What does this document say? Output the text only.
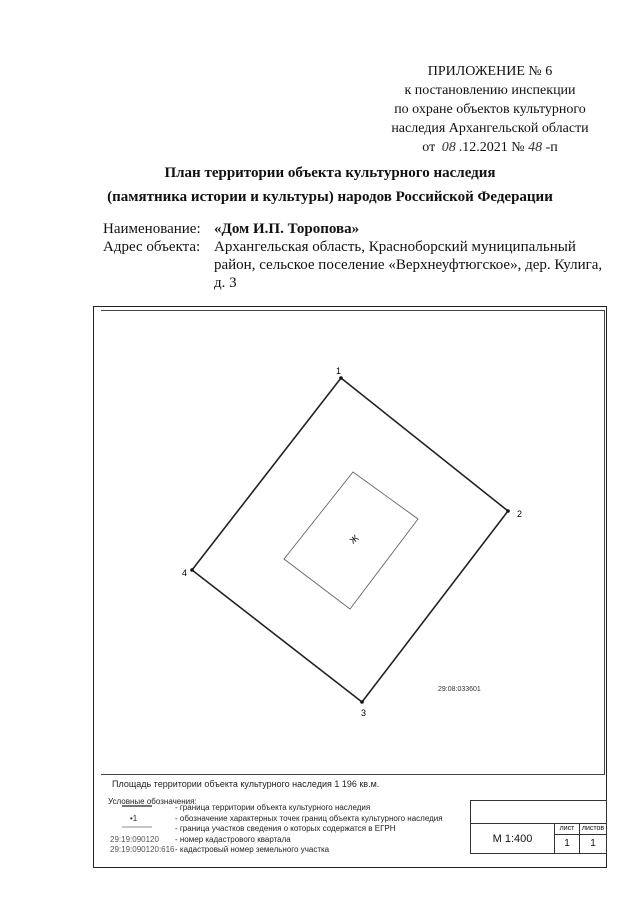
ПРИЛОЖЕНИЕ № 6
к постановлению инспекции
по охране объектов культурного
наследия Архангельской области
от 08 .12.2021 № 48 -п
План территории объекта культурного наследия
(памятника истории и культуры) народов Российской Федерации
Наименование: «Дом И.П. Торопова»
Адрес объекта: Архангельская область, Красноборский муниципальный
район, сельское поселение «Верхнеуфтюгское», дер. Кулига,
д. 3
1
2
3
4
Ж
29:08:033601
Площадь территории объекта культурного наследия 1 196 кв.м.
Условные обозначения:
- граница территории объекта культурного наследия
•1	- обозначение характерных точек границ объекта культурного наследия
- граница участков сведения о которых содержатся в ЕГРН
29:19:090120 - номер кадастрового квартала
29:19:090120:616 - кадастровый номер земельного участка
М 1:400
лист	листов
1	1
